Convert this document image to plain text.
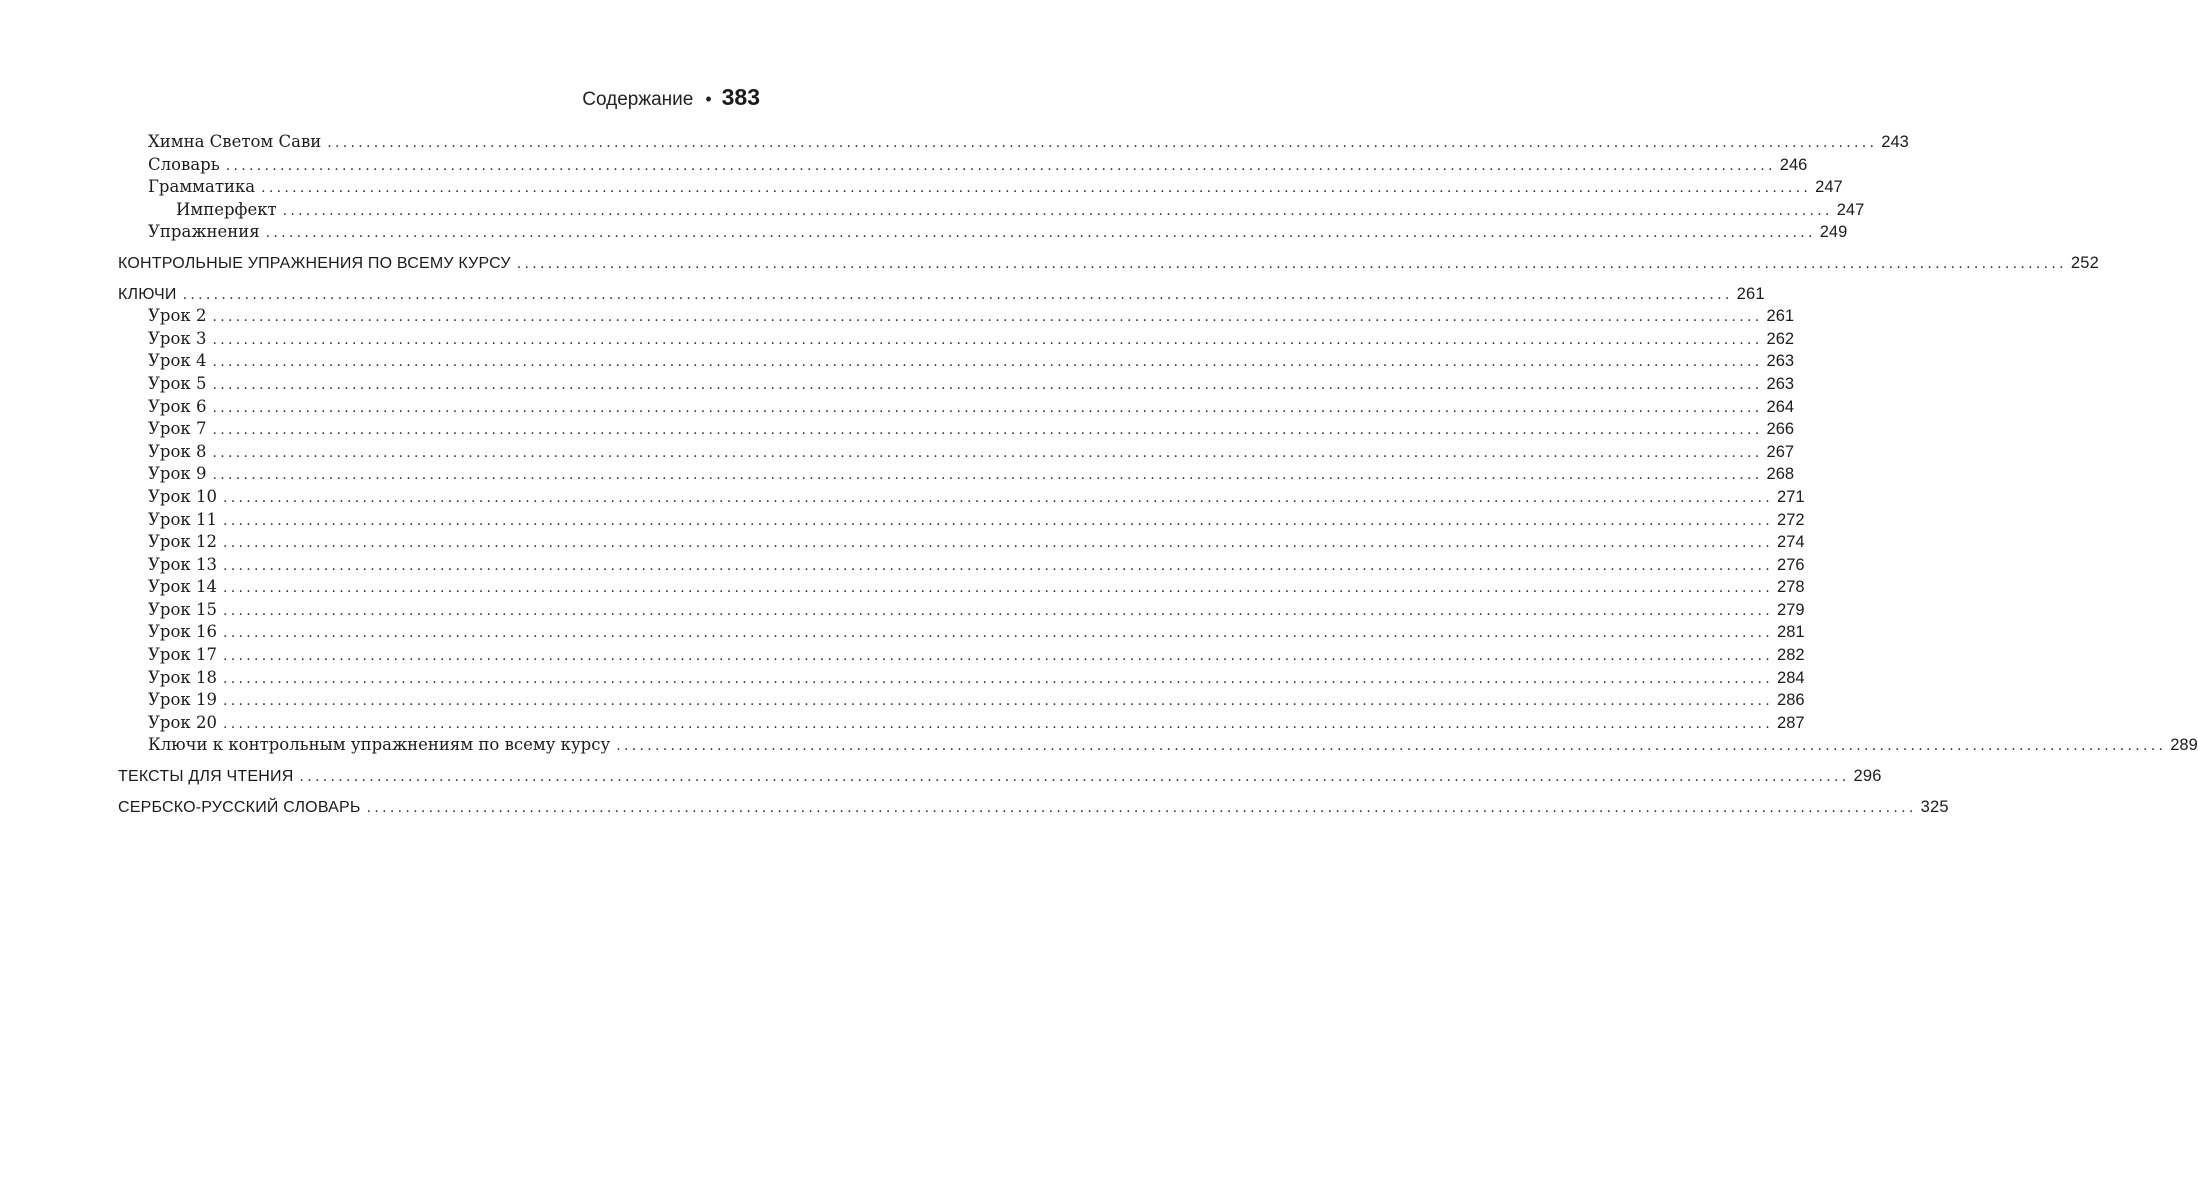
Содержание • 383
Химна Светом Сави ........................................................................................................................................................................................................ 243
Словарь ........................................................................................................................................................................................................ 246
Грамматика ........................................................................................................................................................................................................ 247
Имперфект ........................................................................................................................................................................................................ 247
Упражнения ........................................................................................................................................................................................................ 249
КОНТРОЛЬНЫЕ УПРАЖНЕНИЯ ПО ВСЕМУ КУРСУ ........................................................................................................................................................................................................ 252
КЛЮЧИ ........................................................................................................................................................................................................ 261
Урок 2 ........................................................................................................................................................................................................ 261
Урок 3 ........................................................................................................................................................................................................ 262
Урок 4 ........................................................................................................................................................................................................ 263
Урок 5 ........................................................................................................................................................................................................ 263
Урок 6 ........................................................................................................................................................................................................ 264
Урок 7 ........................................................................................................................................................................................................ 266
Урок 8 ........................................................................................................................................................................................................ 267
Урок 9 ........................................................................................................................................................................................................ 268
Урок 10 ........................................................................................................................................................................................................ 271
Урок 11 ........................................................................................................................................................................................................ 272
Урок 12 ........................................................................................................................................................................................................ 274
Урок 13 ........................................................................................................................................................................................................ 276
Урок 14 ........................................................................................................................................................................................................ 278
Урок 15 ........................................................................................................................................................................................................ 279
Урок 16 ........................................................................................................................................................................................................ 281
Урок 17 ........................................................................................................................................................................................................ 282
Урок 18 ........................................................................................................................................................................................................ 284
Урок 19 ........................................................................................................................................................................................................ 286
Урок 20 ........................................................................................................................................................................................................ 287
Ключи к контрольным упражнениям по всему курсу ........................................................................................................................................................................................................ 289
ТЕКСТЫ ДЛЯ ЧТЕНИЯ ........................................................................................................................................................................................................ 296
СЕРБСКО-РУССКИЙ СЛОВАРЬ ........................................................................................................................................................................................................ 325
